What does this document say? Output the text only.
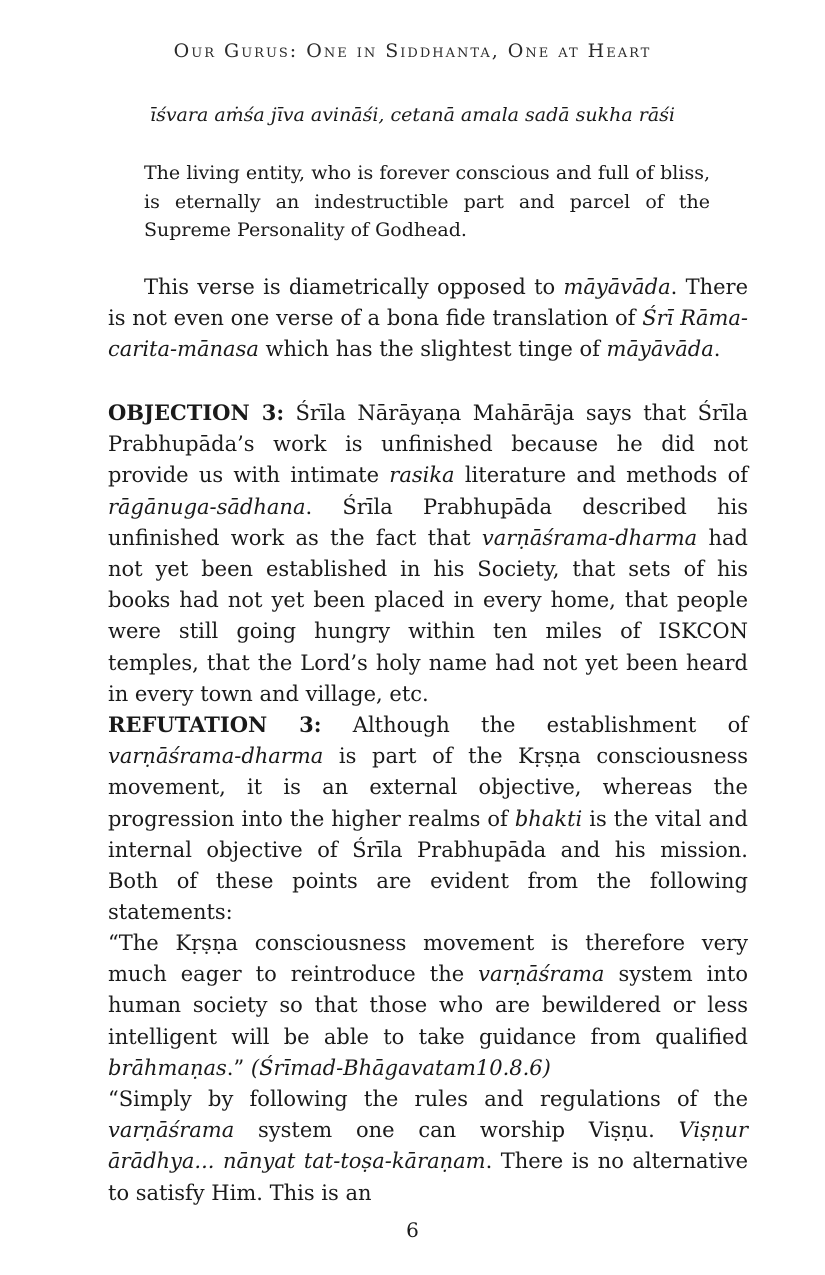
Our Gurus: One in Siddhanta, One at Heart
īśvara aṁśa jīva avināśi, cetanā amala sadā sukha rāśi
The living entity, who is forever conscious and full of bliss, is eternally an indestructible part and parcel of the Supreme Personality of Godhead.

This verse is diametrically opposed to māyāvāda. There is not even one verse of a bona fide translation of Śrī Rāma-carita-mānasa which has the slightest tinge of māyāvāda.

OBJECTION 3: Śrīla Nārāyaṇa Mahārāja says that Śrīla Prabhupāda’s work is unfinished because he did not provide us with intimate rasika literature and methods of rāgānuga-sādhana. Śrīla Prabhupāda described his unfinished work as the fact that varṇāśrama-dharma had not yet been established in his Society, that sets of his books had not yet been placed in every home, that people were still going hungry within ten miles of ISKCON temples, that the Lord’s holy name had not yet been heard in every town and village, etc.

REFUTATION 3: Although the establishment of varṇāśrama-dharma is part of the Kṛṣṇa consciousness movement, it is an external objective, whereas the progression into the higher realms of bhakti is the vital and internal objective of Śrīla Prabhupāda and his mission. Both of these points are evident from the following statements:

“The Kṛṣṇa consciousness movement is therefore very much eager to reintroduce the varṇāśrama system into human society so that those who are bewildered or less intelligent will be able to take guidance from qualified brāhmaṇas.” (Śrīmad-Bhāgavatam10.8.6)

“Simply by following the rules and regulations of the varṇāśrama system one can worship Viṣṇu. Viṣṇur ārādhya... nānyat tat-toṣa-kāraṇam. There is no alternative to satisfy Him. This is an

6
